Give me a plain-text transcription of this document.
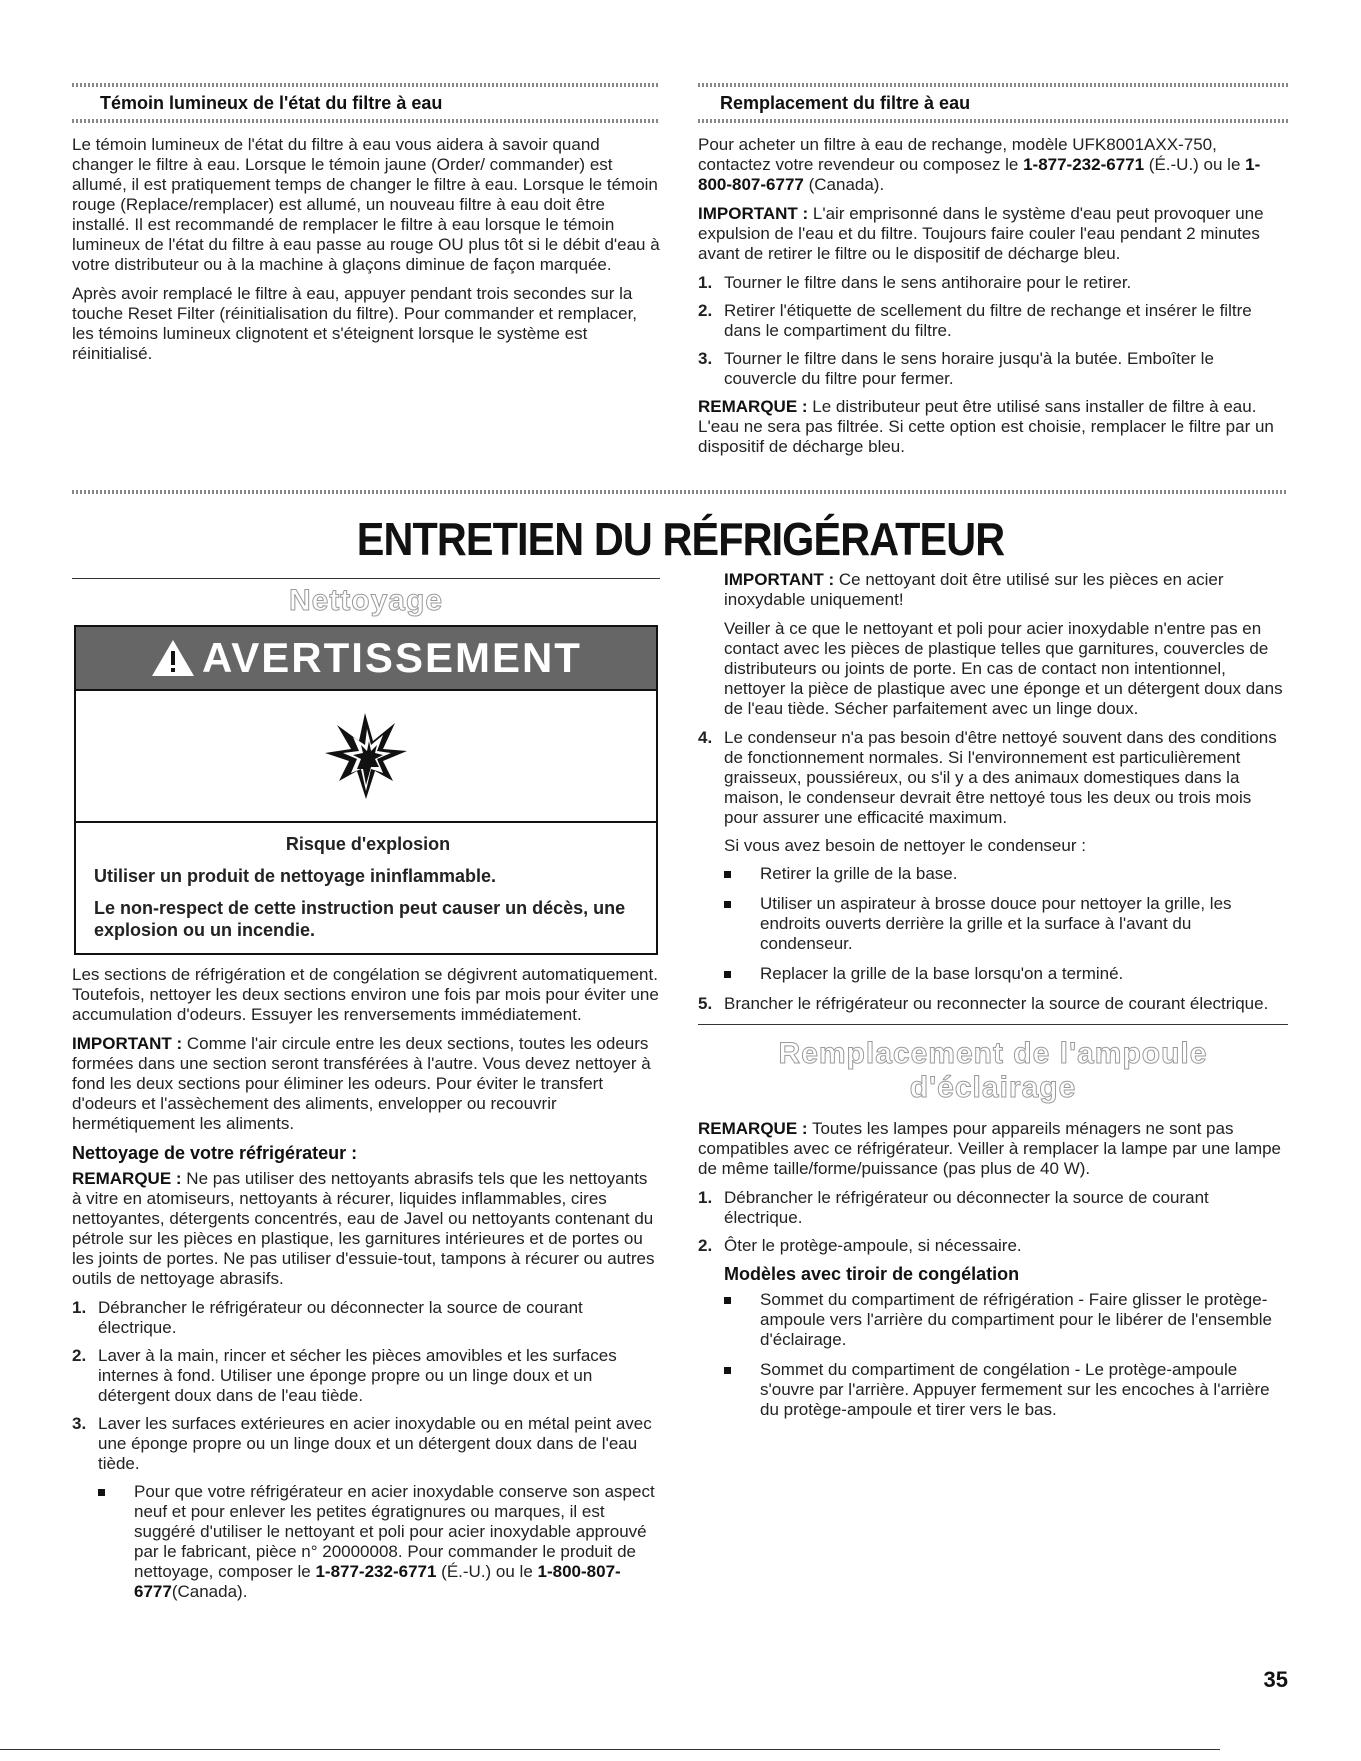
Témoin lumineux de l'état du filtre à eau

Le témoin lumineux de l'état du filtre à eau vous aidera à savoir quand changer le filtre à eau. Lorsque le témoin jaune (Order/ commander) est allumé, il est pratiquement temps de changer le filtre à eau. Lorsque le témoin rouge (Replace/remplacer) est allumé, un nouveau filtre à eau doit être installé. Il est recommandé de remplacer le filtre à eau lorsque le témoin lumineux de l'état du filtre à eau passe au rouge OU plus tôt si le débit d'eau à votre distributeur ou à la machine à glaçons diminue de façon marquée.

Après avoir remplacé le filtre à eau, appuyer pendant trois secondes sur la touche Reset Filter (réinitialisation du filtre). Pour commander et remplacer, les témoins lumineux clignotent et s'éteignent lorsque le système est réinitialisé.

Remplacement du filtre à eau

Pour acheter un filtre à eau de rechange, modèle UFK8001AXX-750, contactez votre revendeur ou composez le 1-877-232-6771 (É.-U.) ou le 1- 800-807-6777 (Canada).

IMPORTANT : L'air emprisonné dans le système d'eau peut provoquer une expulsion de l'eau et du filtre. Toujours faire couler l'eau pendant 2 minutes avant de retirer le filtre ou le dispositif de décharge bleu.

1. Tourner le filtre dans le sens antihoraire pour le retirer.
2. Retirer l'étiquette de scellement du filtre de rechange et insérer le filtre dans le compartiment du filtre.
3. Tourner le filtre dans le sens horaire jusqu'à la butée. Emboîter le couvercle du filtre pour fermer.

REMARQUE : Le distributeur peut être utilisé sans installer de filtre à eau. L'eau ne sera pas filtrée. Si cette option est choisie, remplacer le filtre par un dispositif de décharge bleu.

ENTRETIEN DU RÉFRIGÉRATEUR
Nettoyage
AVERTISSEMENT

Risque d'explosion

Utiliser un produit de nettoyage ininflammable.

Le non-respect de cette instruction peut causer un décès, une explosion ou un incendie.

Les sections de réfrigération et de congélation se dégivrent automatiquement. Toutefois, nettoyer les deux sections environ une fois par mois pour éviter une accumulation d'odeurs. Essuyer les renversements immédiatement.

IMPORTANT : Comme l'air circule entre les deux sections, toutes les odeurs formées dans une section seront transférées à l'autre. Vous devez nettoyer à fond les deux sections pour éliminer les odeurs. Pour éviter le transfert d'odeurs et l'assèchement des aliments, envelopper ou recouvrir hermétiquement les aliments.

Nettoyage de votre réfrigérateur :

REMARQUE : Ne pas utiliser des nettoyants abrasifs tels que les nettoyants à vitre en atomiseurs, nettoyants à récurer, liquides inflammables, cires nettoyantes, détergents concentrés, eau de Javel ou nettoyants contenant du pétrole sur les pièces en plastique, les garnitures intérieures et de portes ou les joints de portes. Ne pas utiliser d'essuie-tout, tampons à récurer ou autres outils de nettoyage abrasifs.

1. Débrancher le réfrigérateur ou déconnecter la source de courant électrique.
2. Laver à la main, rincer et sécher les pièces amovibles et les surfaces internes à fond. Utiliser une éponge propre ou un linge doux et un détergent doux dans de l'eau tiède.
3. Laver les surfaces extérieures en acier inoxydable ou en métal peint avec une éponge propre ou un linge doux et un détergent doux dans de l'eau tiède.
Pour que votre réfrigérateur en acier inoxydable conserve son aspect neuf et pour enlever les petites égratignures ou marques, il est suggéré d'utiliser le nettoyant et poli pour acier inoxydable approuvé par le fabricant, pièce n° 20000008. Pour commander le produit de nettoyage, composer le 1-877-232-6771 (É.-U.) ou le 1-800-807-6777(Canada).

IMPORTANT : Ce nettoyant doit être utilisé sur les pièces en acier inoxydable uniquement!

Veiller à ce que le nettoyant et poli pour acier inoxydable n'entre pas en contact avec les pièces de plastique telles que garnitures, couvercles de distributeurs ou joints de porte. En cas de contact non intentionnel, nettoyer la pièce de plastique avec une éponge et un détergent doux dans de l'eau tiède. Sécher parfaitement avec un linge doux.

4. Le condenseur n'a pas besoin d'être nettoyé souvent dans des conditions de fonctionnement normales. Si l'environnement est particulièrement graisseux, poussiéreux, ou s'il y a des animaux domestiques dans la maison, le condenseur devrait être nettoyé tous les deux ou trois mois pour assurer une efficacité maximum.
Si vous avez besoin de nettoyer le condenseur :
Retirer la grille de la base.
Utiliser un aspirateur à brosse douce pour nettoyer la grille, les endroits ouverts derrière la grille et la surface à l'avant du condenseur.
Replacer la grille de la base lorsqu'on a terminé.
5. Brancher le réfrigérateur ou reconnecter la source de courant électrique.
Remplacement de l'ampoule
d'éclairage

REMARQUE : Toutes les lampes pour appareils ménagers ne sont pas compatibles avec ce réfrigérateur. Veiller à remplacer la lampe par une lampe de même taille/forme/puissance (pas plus de 40 W).

1. Débrancher le réfrigérateur ou déconnecter la source de courant électrique.
2. Ôter le protège-ampoule, si nécessaire.
Modèles avec tiroir de congélation
Sommet du compartiment de réfrigération - Faire glisser le protège-ampoule vers l'arrière du compartiment pour le libérer de l'ensemble d'éclairage.
Sommet du compartiment de congélation - Le protège-ampoule s'ouvre par l'arrière. Appuyer fermement sur les encoches à l'arrière du protège-ampoule et tirer vers le bas.
35
